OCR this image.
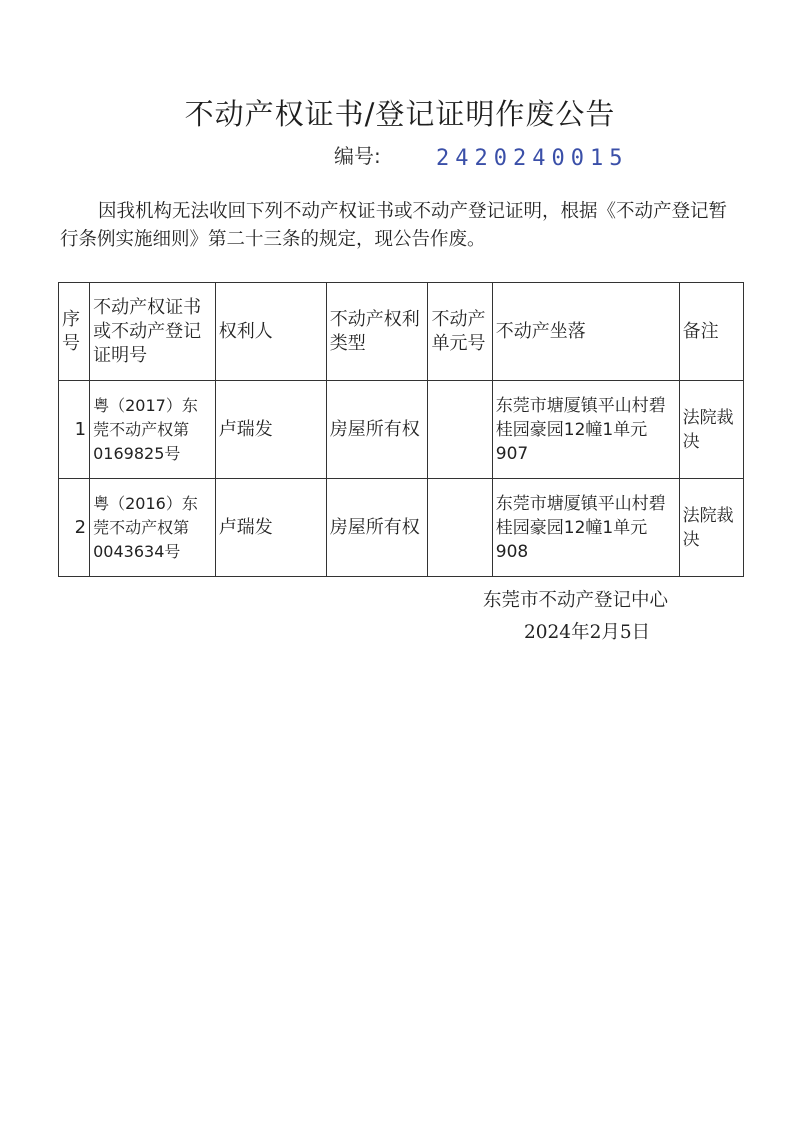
不动产权证书/登记证明作废公告
编号:	2420240015
因我机构无法收回下列不动产权证书或不动产登记证明，根据《不动产登记暂行条例实施细则》第二十三条的规定，现公告作废。
序号	不动产权证书或不动产登记证明号	权利人	不动产权利类型	不动产单元号	不动产坐落	备注
1	粤（2017）东莞不动产权第0169825号	卢瑞发	房屋所有权		东莞市塘厦镇平山村碧桂园豪园12幢1单元907	法院裁决
2	粤（2016）东莞不动产权第0043634号	卢瑞发	房屋所有权		东莞市塘厦镇平山村碧桂园豪园12幢1单元908	法院裁决
东莞市不动产登记中心
2024年2月5日
